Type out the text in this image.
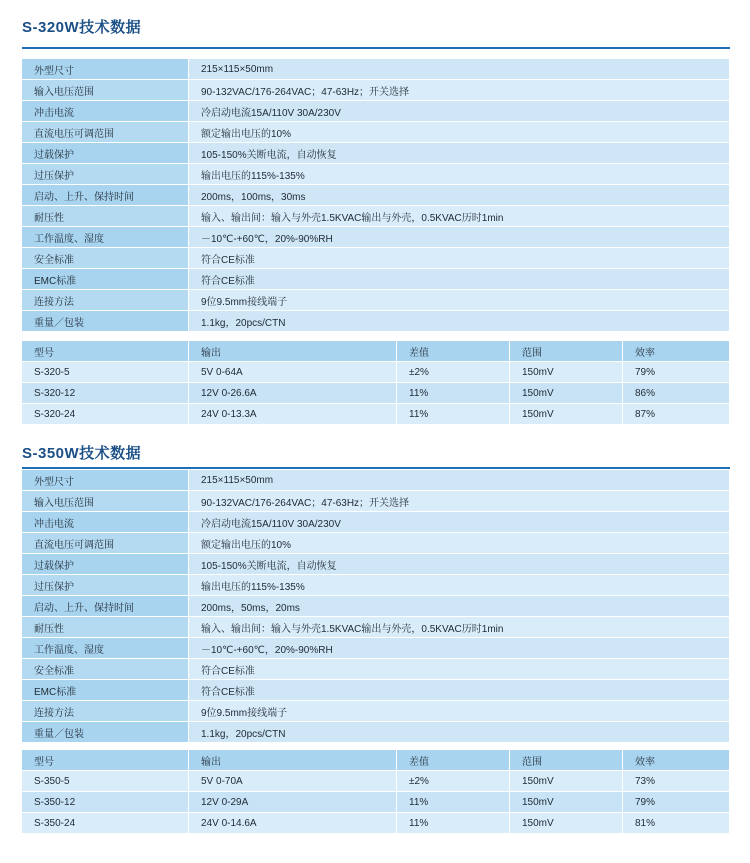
S-320W技术数据
外型尺寸	215×115×50mm
输入电压范围	90-132VAC/176-264VAC；47-63Hz；开关选择
冲击电流	冷启动电流15A/110V 30A/230V
直流电压可调范围	额定输出电压的10%
过载保护	105-150%关断电流，自动恢复
过压保护	输出电压的115%-135%
启动、上升、保持时间	200ms，100ms，30ms
耐压性	输入、输出间：输入与外壳1.5KVAC输出与外壳，0.5KVAC历时1min
工作温度、湿度	－10℃-+60℃，20%-90%RH
安全标准	符合CE标准
EMC标准	符合CE标准
连接方法	9位9.5mm接线端子
重量／包装	1.1kg，20pcs/CTN
型号	输出	差值	范围	效率
S-320-5	5V 0-64A	±2%	150mV	79%
S-320-12	12V 0-26.6A	11%	150mV	86%
S-320-24	24V 0-13.3A	11%	150mV	87%
S-350W技术数据
外型尺寸	215×115×50mm
输入电压范围	90-132VAC/176-264VAC；47-63Hz；开关选择
冲击电流	冷启动电流15A/110V 30A/230V
直流电压可调范围	额定输出电压的10%
过载保护	105-150%关断电流，自动恢复
过压保护	输出电压的115%-135%
启动、上升、保持时间	200ms，50ms，20ms
耐压性	输入、输出间：输入与外壳1.5KVAC输出与外壳，0.5KVAC历时1min
工作温度、湿度	－10℃-+60℃，20%-90%RH
安全标准	符合CE标准
EMC标准	符合CE标准
连接方法	9位9.5mm接线端子
重量／包装	1.1kg，20pcs/CTN
型号	输出	差值	范围	效率
S-350-5	5V 0-70A	±2%	150mV	73%
S-350-12	12V 0-29A	11%	150mV	79%
S-350-24	24V 0-14.6A	11%	150mV	81%
